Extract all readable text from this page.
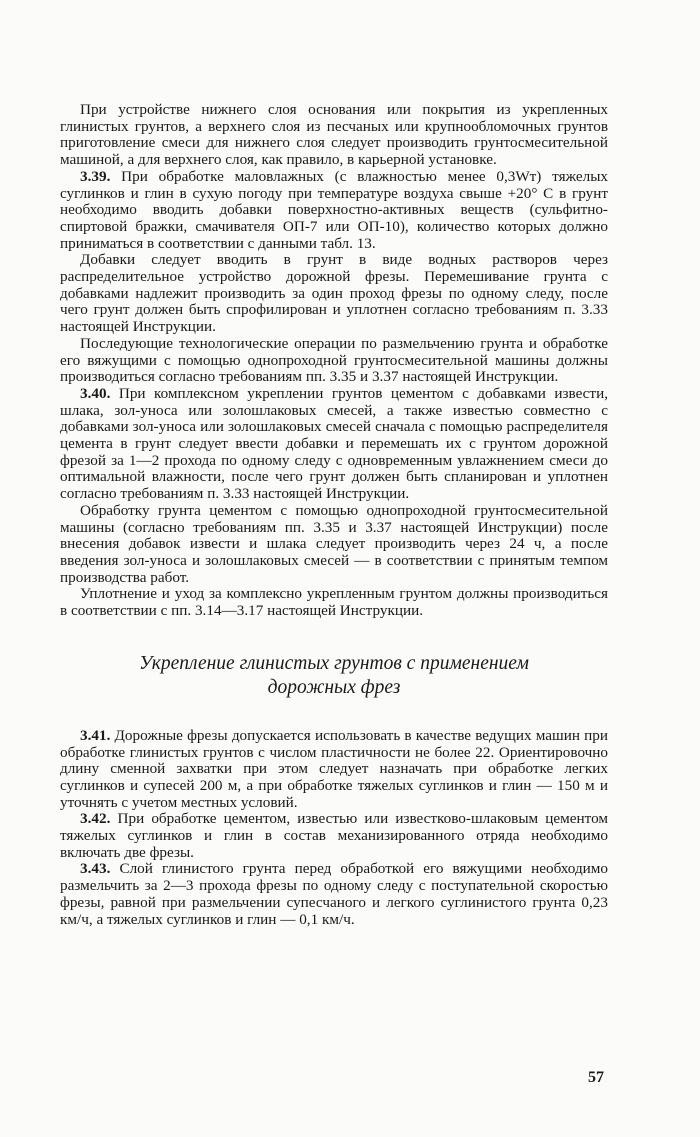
При устройстве нижнего слоя основания или покрытия из укрепленных глинистых грунтов, а верхнего слоя из песчаных или крупнообломочных грунтов приготовление смеси для нижнего слоя следует производить грунтосмесительной машиной, а для верхнего слоя, как правило, в карьерной установке.

3.39. При обработке маловлажных (с влажностью менее 0,3Wт) тяжелых суглинков и глин в сухую погоду при температуре воздуха свыше +20° С в грунт необходимо вводить добавки поверхностно-активных веществ (сульфитно-спиртовой бражки, смачивателя ОП-7 или ОП-10), количество которых должно приниматься в соответствии с данными табл. 13.

Добавки следует вводить в грунт в виде водных растворов через распределительное устройство дорожной фрезы. Перемешивание грунта с добавками надлежит производить за один проход фрезы по одному следу, после чего грунт должен быть спрофилирован и уплотнен согласно требованиям п. 3.33 настоящей Инструкции.

Последующие технологические операции по размельчению грунта и обработке его вяжущими с помощью однопроходной грунтосмесительной машины должны производиться согласно требованиям пп. 3.35 и 3.37 настоящей Инструкции.

3.40. При комплексном укреплении грунтов цементом с добавками извести, шлака, зол-уноса или золошлаковых смесей, а также известью совместно с добавками зол-уноса или золошлаковых смесей сначала с помощью распределителя цемента в грунт следует ввести добавки и перемешать их с грунтом дорожной фрезой за 1—2 прохода по одному следу с одновременным увлажнением смеси до оптимальной влажности, после чего грунт должен быть спланирован и уплотнен согласно требованиям п. 3.33 настоящей Инструкции.

Обработку грунта цементом с помощью однопроходной грунтосмесительной машины (согласно требованиям пп. 3.35 и 3.37 настоящей Инструкции) после внесения добавок извести и шлака следует производить через 24 ч, а после введения зол-уноса и золошлаковых смесей — в соответствии с принятым темпом производства работ.

Уплотнение и уход за комплексно укрепленным грунтом должны производиться в соответствии с пп. 3.14—3.17 настоящей Инструкции.

Укрепление глинистых грунтов с применением
дорожных фрез

3.41. Дорожные фрезы допускается использовать в качестве ведущих машин при обработке глинистых грунтов с числом пластичности не более 22. Ориентировочно длину сменной захватки при этом следует назначать при обработке легких суглинков и супесей 200 м, а при обработке тяжелых суглинков и глин — 150 м и уточнять с учетом местных условий.

3.42. При обработке цементом, известью или известково-шлаковым цементом тяжелых суглинков и глин в состав механизированного отряда необходимо включать две фрезы.

3.43. Слой глинистого грунта перед обработкой его вяжущими необходимо размельчить за 2—3 прохода фрезы по одному следу с поступательной скоростью фрезы, равной при размельчении супесчаного и легкого суглинистого грунта 0,23 км/ч, а тяжелых суглинков и глин — 0,1 км/ч.

57
